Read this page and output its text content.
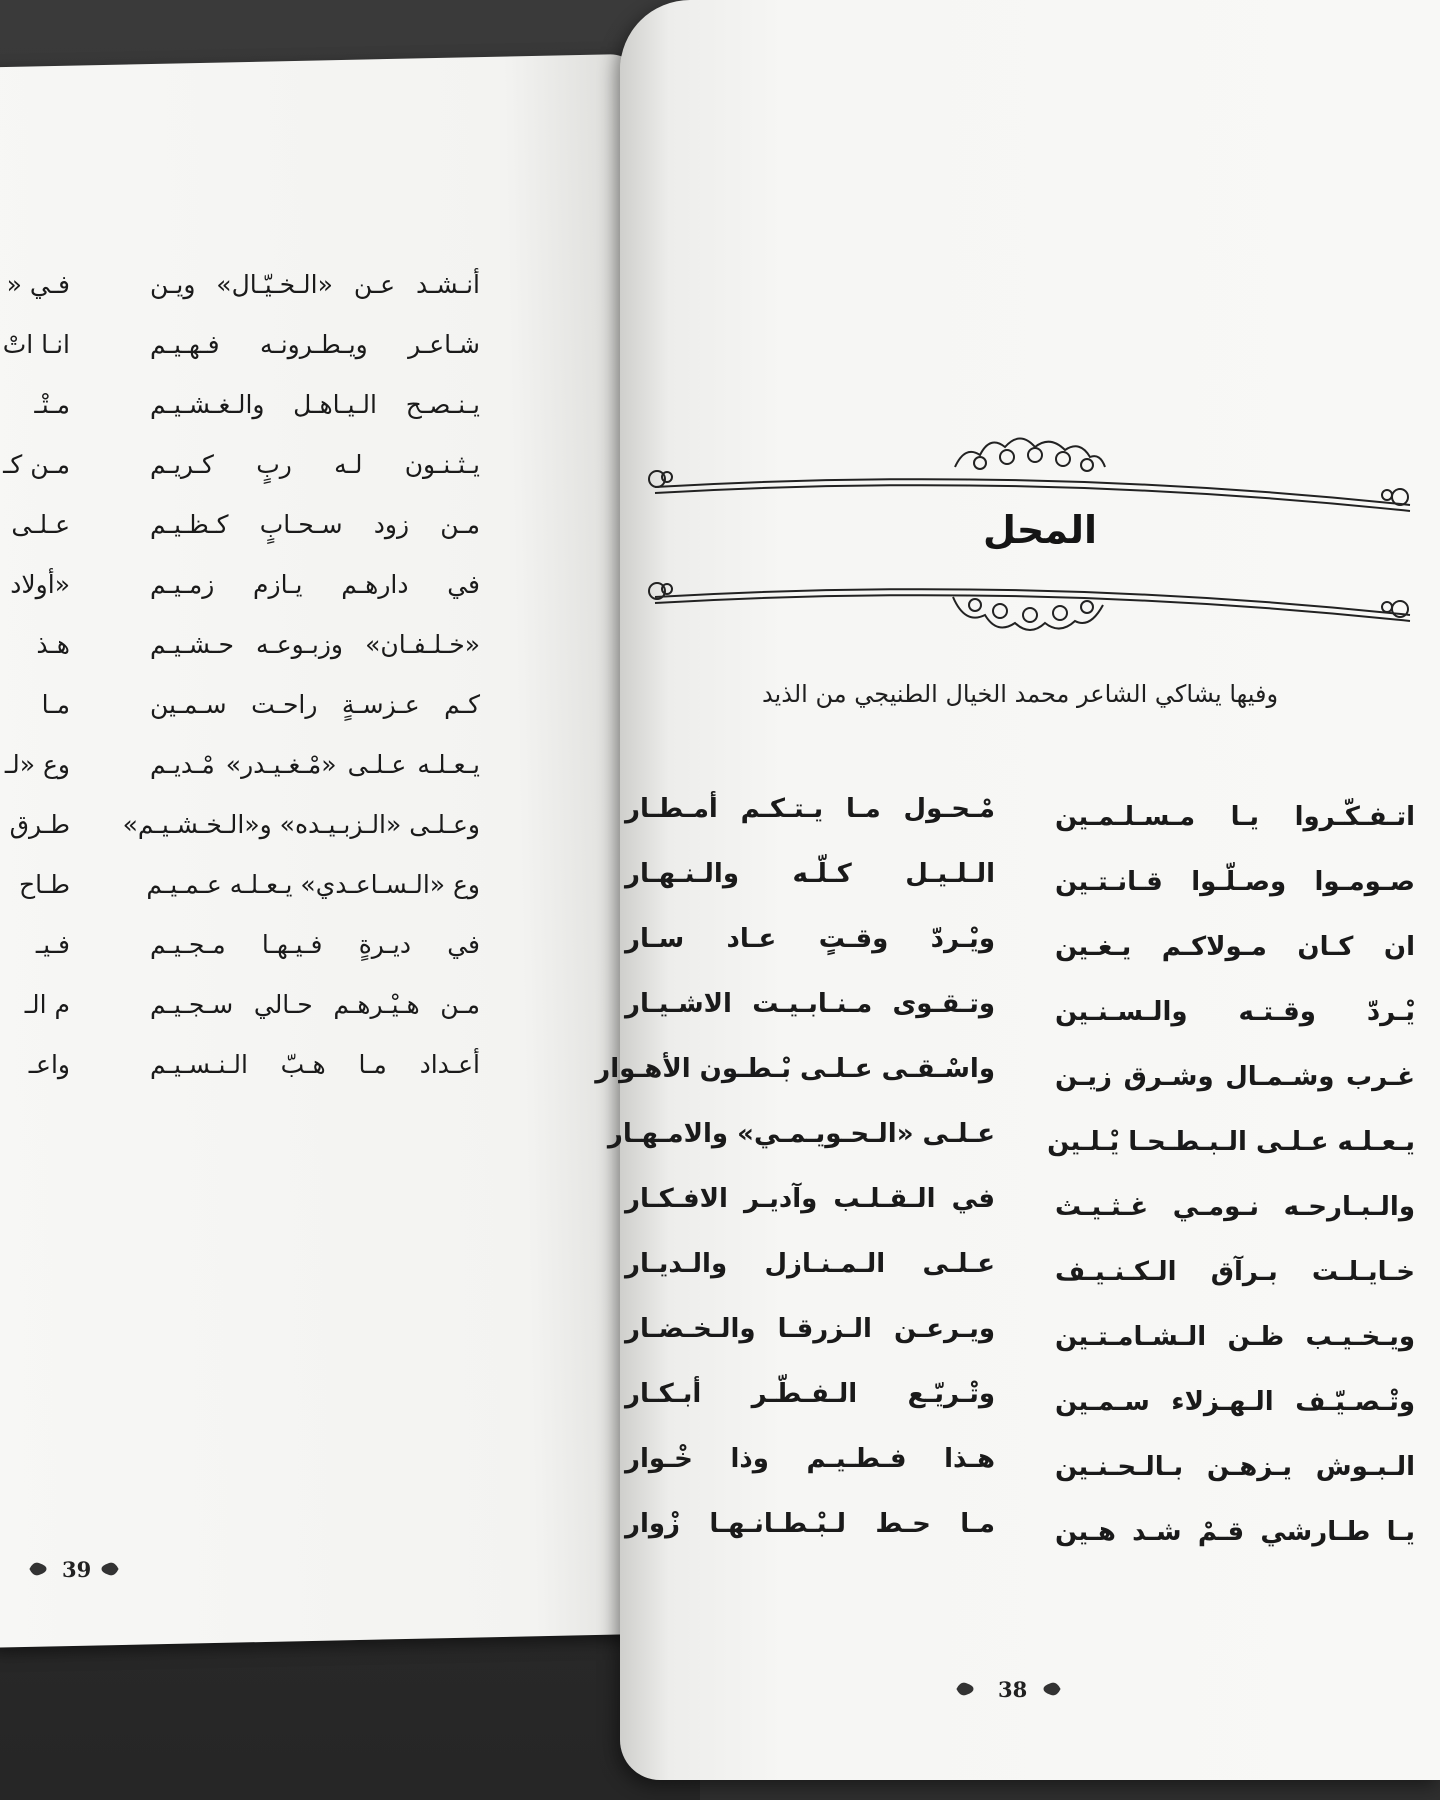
أنـشـد عـن «الـخـيّـال» ويـن
شـاعـر ويـطـرونـه فـهـيـم
يـنـصـح الـيـاهـل والـغـشـيـم
يـثـنـون لـه ربٍ كـريـم
مـن زود سـحـابٍ كـظـيـم
في دارهـم يـازم زمـيـم
«خـلـفـان» وزبـوعـه حـشـيـم
كـم عـزسـةٍ راحـت سـمـين
يـعـلـه عـلـى «مْـغـيـدر» مْـديـم
وعـلـى «الـزبـيـده» و«الـخـشـيـم»
وع «الـسـاعـدي» يـعـلـه عـمـيـم
في ديـرةٍ فـيـهـا مـجـيـم
مـن هـيْـرهـم حـالي سـجـيـم
أعـداد مـا هـبّ الـنـسـيـم
فـي «
انـا اتْ
مـتْـ
مـن كـ
عـلـى
«أولاد
هـذ
مـا
وع «لـ
طـرق
طـاح
فـيـ
م الـ
واعـ
39
المحل
وفيها يشاكي الشاعر محمد الخيال الطنيجي من الذيد
اتـفـكّـروا يـا مـسـلـمـين
صـومـوا وصـلّـوا قـانـتـين
ان كـان مـولاكـم يـغـين
يْـردّ وقـتـه والـسـنـين
غـرب وشـمـال وشـرق زيـن
يـعـلـه عـلـى الـبـطـحـا يْـلـين
والـبـارحـه نـومـي غـثـيـث
خـايـلـت بـرآق الـكـنـيـف
ويـخـيـب ظـن الـشـامـتـين
وتْـصـيّـف الـهـزلاء سـمـين
الـبـوش يـزهـن بـالـحـنـين
يـا طـارشي قـمْ شـد هـين
مْـحـول مـا يـتـكـم أمـطـار
الـلـيـل كـلّـه والـنـهـار
ويْـردّ وقـتٍ عـاد سـار
وتـقـوى مـنـابـيـت الاشـيـار
واسْـقـى عـلـى بْـطـون الأهـوار
عـلـى «الـحـويـمـي» والامـهـار
في الـقـلـب وآديـر الافـكـار
عـلـى الـمـنـازل والـديـار
ويـرعـن الـزرقـا والـخـضـار
وتْـريّـع الـفـطّـر أبـكـار
هـذا فـطـيـم وذا خْـوار
مـا حـط لـبْـطـانـهـا زْوار
38
